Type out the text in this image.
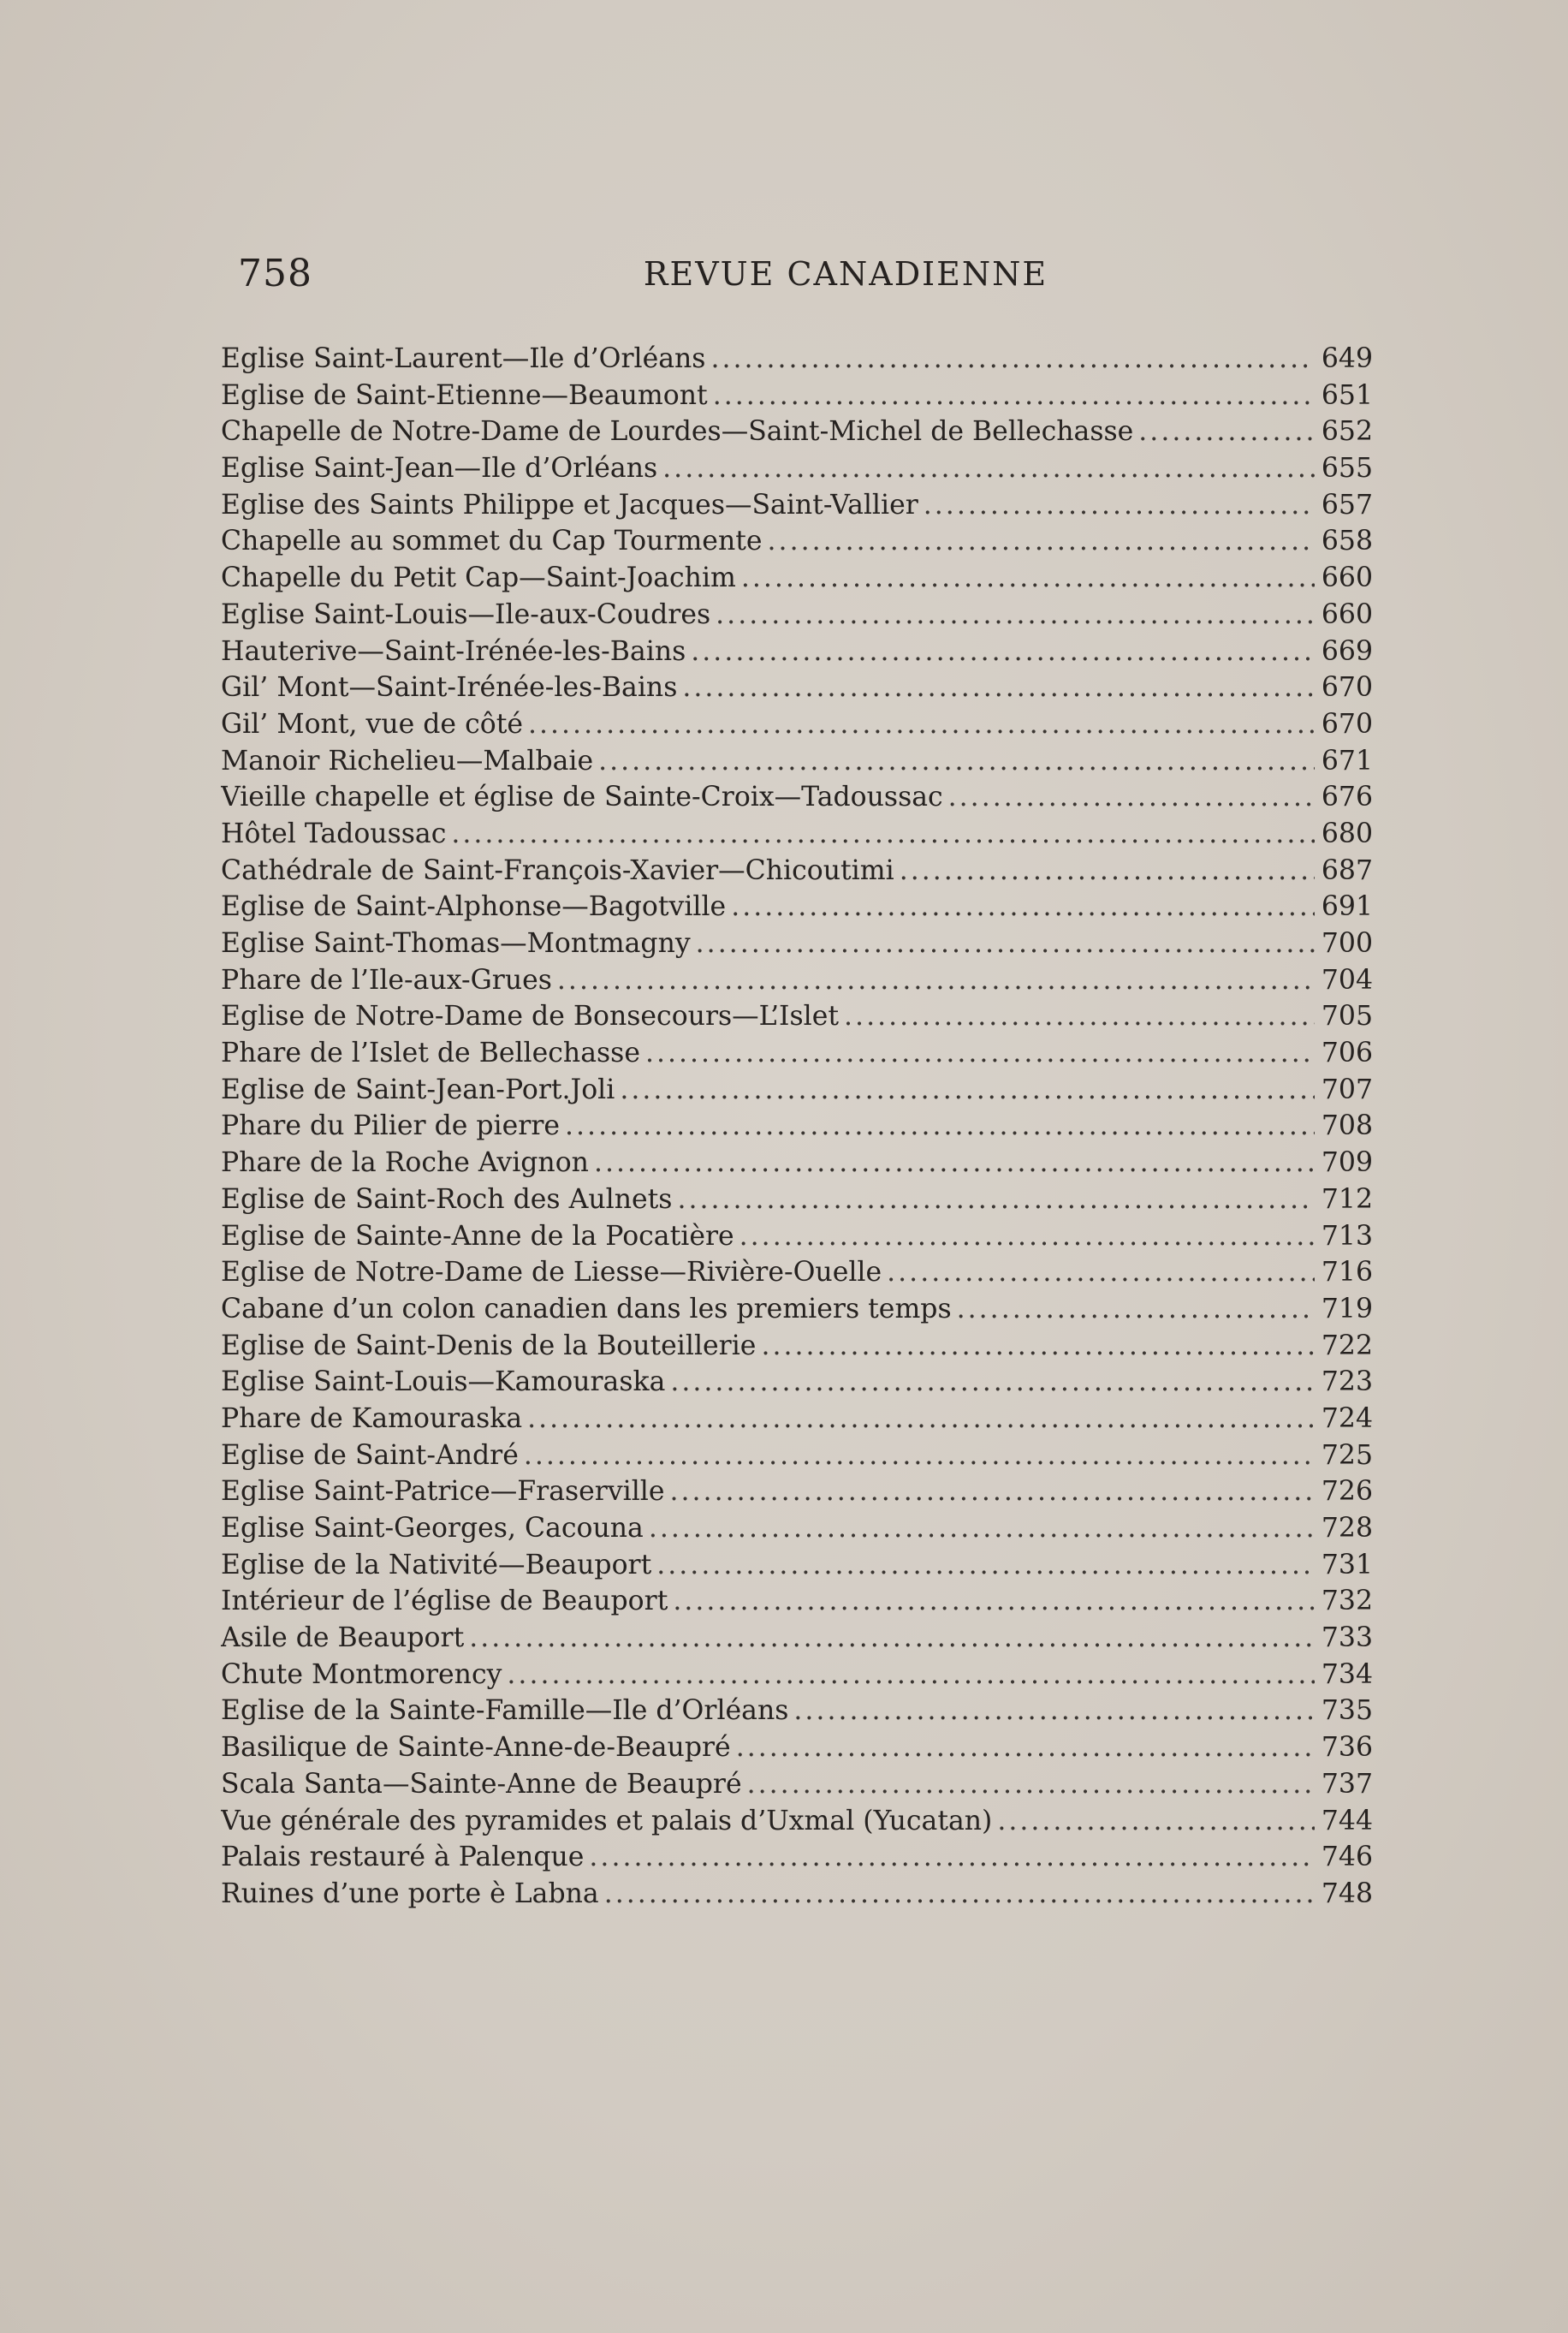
758	REVUE CANADIENNE
Eglise Saint-Laurent—Ile d’Orléans .....	649
Eglise de Saint-Etienne—Beaumont .....	651
Chapelle de Notre-Dame de Lourdes—Saint-Michel de Bellechasse .....	652
Eglise Saint-Jean—Ile d’Orléans .....	655
Eglise des Saints Philippe et Jacques—Saint-Vallier .....	657
Chapelle au sommet du Cap Tourmente .....	658
Chapelle du Petit Cap—Saint-Joachim .....	660
Eglise Saint-Louis—Ile-aux-Coudres .....	660
Hauterive—Saint-Irénée-les-Bains .....	669
Gil’ Mont—Saint-Irénée-les-Bains .....	670
Gil’ Mont, vue de côté .....	670
Manoir Richelieu—Malbaie .....	671
Vieille chapelle et église de Sainte-Croix—Tadoussac .....	676
Hôtel Tadoussac .....	680
Cathédrale de Saint-François-Xavier—Chicoutimi .....	687
Eglise de Saint-Alphonse—Bagotville .....	691
Eglise Saint-Thomas—Montmagny .....	700
Phare de l’Ile-aux-Grues .....	704
Eglise de Notre-Dame de Bonsecours—L’Islet .....	705
Phare de l’Islet de Bellechasse .....	706
Eglise de Saint-Jean-Port.Joli .....	707
Phare du Pilier de pierre .....	708
Phare de la Roche Avignon .....	709
Eglise de Saint-Roch des Aulnets .....	712
Eglise de Sainte-Anne de la Pocatière .....	713
Eglise de Notre-Dame de Liesse—Rivière-Ouelle .....	716
Cabane d’un colon canadien dans les premiers temps .....	719
Eglise de Saint-Denis de la Bouteillerie .....	722
Eglise Saint-Louis—Kamouraska .....	723
Phare de Kamouraska .....	724
Eglise de Saint-André .....	725
Eglise Saint-Patrice—Fraserville .....	726
Eglise Saint-Georges, Cacouna .....	728
Eglise de la Nativité—Beauport .....	731
Intérieur de l’église de Beauport .....	732
Asile de Beauport .....	733
Chute Montmorency .....	734
Eglise de la Sainte-Famille—Ile d’Orléans .....	735
Basilique de Sainte-Anne-de-Beaupré .....	736
Scala Santa—Sainte-Anne de Beaupré .....	737
Vue générale des pyramides et palais d’Uxmal (Yucatan) .....	744
Palais restauré à Palenque .....	746
Ruines d’une porte è Labna .....	748
